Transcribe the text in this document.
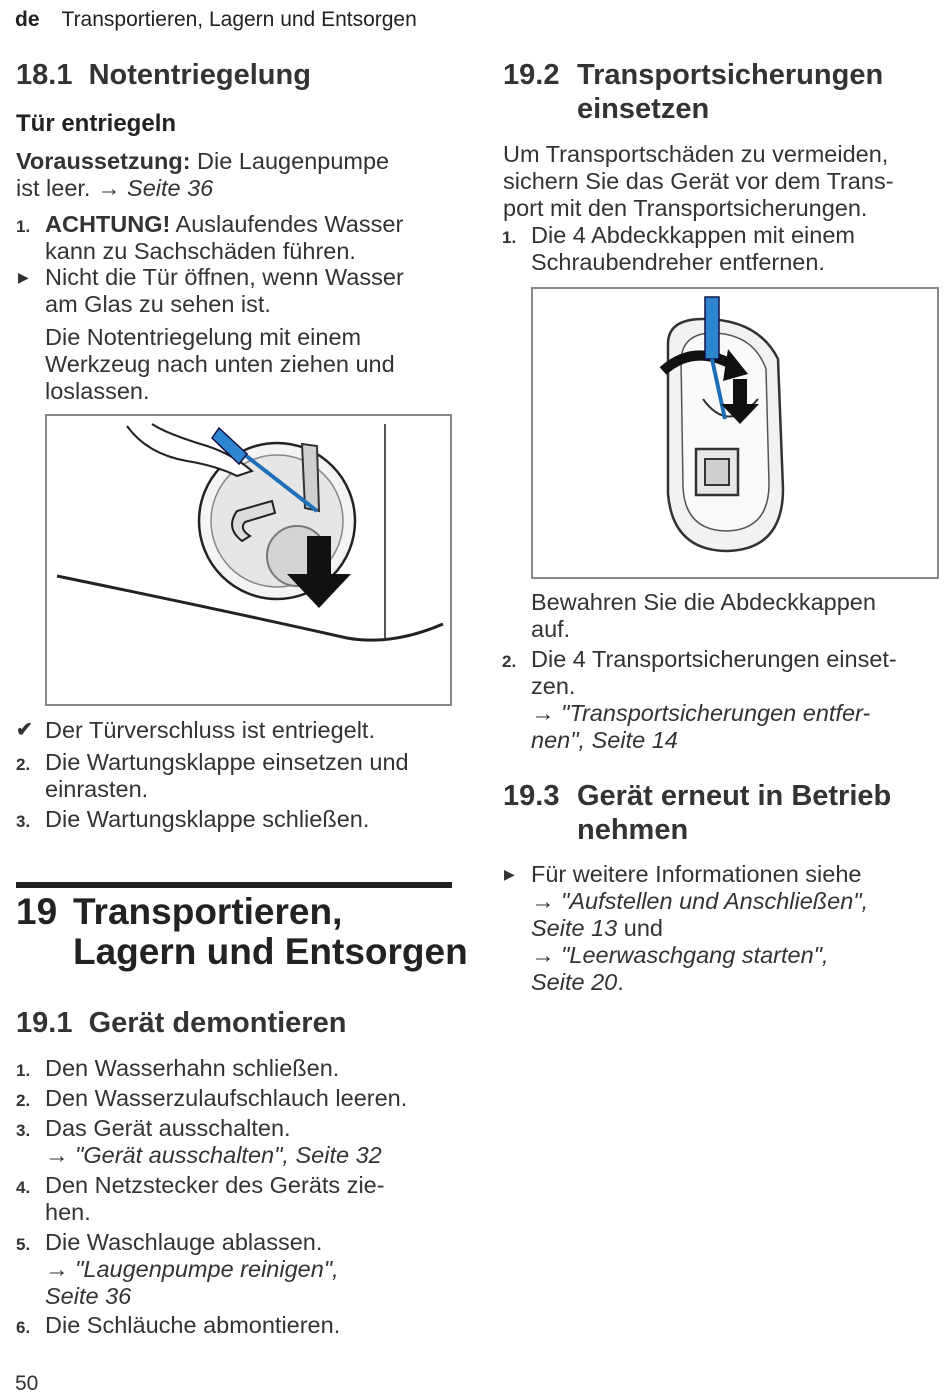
de Transportieren, Lagern und Entsorgen
18.1 Notentriegelung
Tür entriegeln
Voraussetzung: Die Laugenpumpe
ist leer. → Seite 36
1. ACHTUNG! Auslaufendes Wasser
kann zu Sachschäden führen.
▶ Nicht die Tür öffnen, wenn Wasser
am Glas zu sehen ist.
Die Notentriegelung mit einem
Werkzeug nach unten ziehen und
loslassen.
✔ Der Türverschluss ist entriegelt.
2. Die Wartungsklappe einsetzen und
einrasten.
3. Die Wartungsklappe schließen.
19 Transportieren,
Lagern und Entsorgen
19.1 Gerät demontieren
1. Den Wasserhahn schließen.
2. Den Wasserzulaufschlauch leeren.
3. Das Gerät ausschalten.
→ "Gerät ausschalten", Seite 32
4. Den Netzstecker des Geräts zie-
hen.
5. Die Waschlauge ablassen.
→ "Laugenpumpe reinigen",
Seite 36
6. Die Schläuche abmontieren.
50
19.2 Transportsicherungen
einsetzen
Um Transportschäden zu vermeiden,
sichern Sie das Gerät vor dem Trans-
port mit den Transportsicherungen.
1. Die 4 Abdeckkappen mit einem
Schraubendreher entfernen.
Bewahren Sie die Abdeckkappen
auf.
2. Die 4 Transportsicherungen einset-
zen.
→ "Transportsicherungen entfer-
nen", Seite 14
19.3 Gerät erneut in Betrieb
nehmen
▶ Für weitere Informationen siehe
→ "Aufstellen und Anschließen",
Seite 13 und
→ "Leerwaschgang starten",
Seite 20.
